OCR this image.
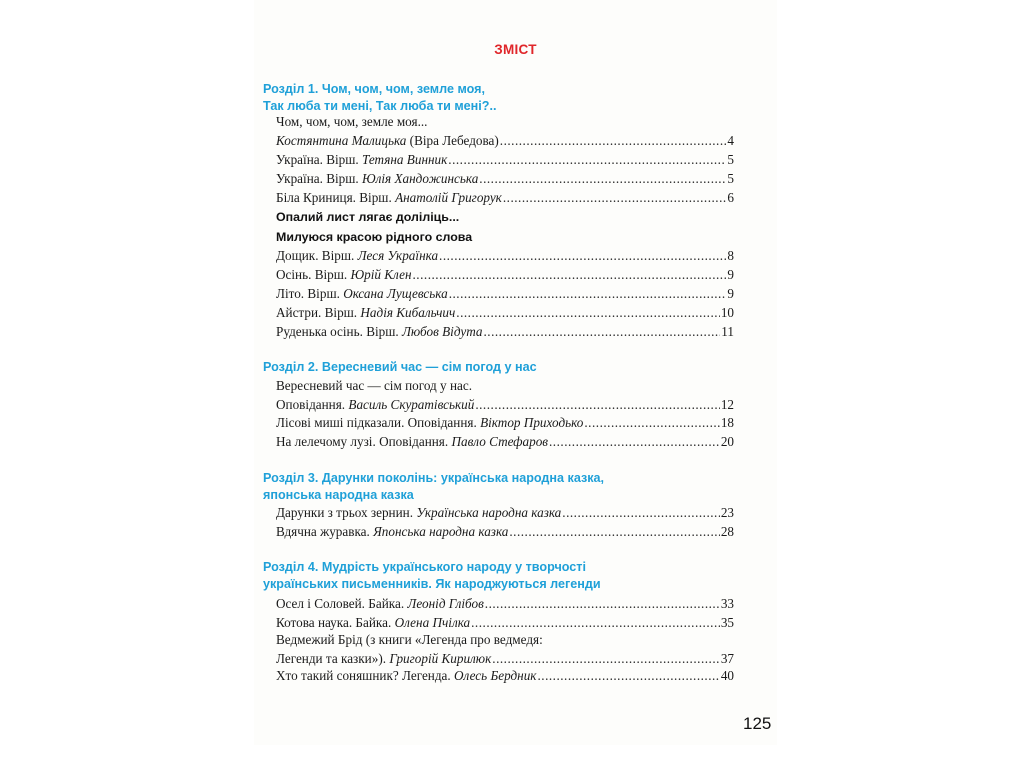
ЗМІСТ
Розділ 1. Чом, чом, чом, земле моя,
Так люба ти мені, Так люба ти мені?..
Чом, чом, чом, земле моя...
Костянтина Малицька (Віра Лебедова) . . .	4
Україна. Вірш. Тетяна Винник . . .	5
Україна. Вірш. Юлія Хандожинська . . .	5
Біла Криниця. Вірш. Анатолій Григорук . . .	6
Опалий лист лягає доліліць...
Милуюся красою рідного слова
Дощик. Вірш. Леся Українка . . .	8
Осінь. Вірш. Юрій Клен . . .	9
Літо. Вірш. Оксана Лущевська . . .	9
Айстри. Вірш. Надія Кибальчич . . .	10
Руденька осінь. Вірш. Любов Відута . . .	11
Розділ 2. Вересневий час — сім погод у нас
Вересневий час — сім погод у нас.
Оповідання. Василь Скуратівський . . .	12
Лісові миші підказали. Оповідання. Віктор Приходько . . .	18
На лелечому лузі. Оповідання. Павло Стефаров . . .	20
Розділ 3. Дарунки поколінь: українська народна казка,
японська народна казка
Дарунки з трьох зернин. Українська народна казка . . .	23
Вдячна журавка. Японська народна казка . . .	28
Розділ 4. Мудрість українського народу у творчості
українських письменників. Як народжуються легенди
Осел і Соловей. Байка. Леонід Глібов . . .	33
Котова наука. Байка. Олена Пчілка . . .	35
Ведмежий Брід (з книги «Легенда про ведмедя:
Легенди та казки»). Григорій Кирилюк . . .	37
Хто такий соняшник? Легенда. Олесь Бердник . . .	40
125
